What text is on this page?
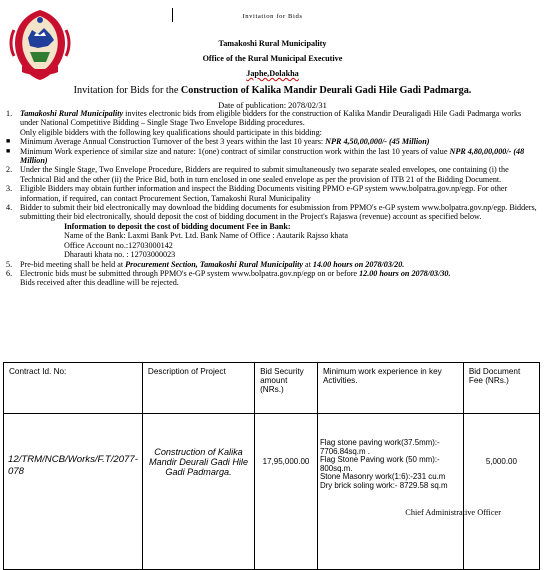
Invitation for Bids
Tamakoshi Rural Municipality
Office of the Rural Municipal Executive
Japhe,Dolakha
Invitation for Bids for the Construction of Kalika Mandir Deurali Gadi Hile Gadi Padmarga.
Date of publication: 2078/02/31
1. Tamakoshi Rural Municipality invites electronic bids from eligible bidders for the construction of Kalika Mandir Deuraligadi Hile Gadi Padmarga works under National Competitive Bidding – Single Stage Two Envelope Bidding procedures.
Only eligible bidders with the following key qualifications should participate in this bidding:
■	Minimum Average Annual Construction Turnover of the best 3 years within the last 10 years: NPR 4,50,00,000/- (45 Million)
■	Minimum Work experience of similar size and nature: 1(one) contract of similar construction work within the last 10 years of value NPR 4,80,00,000/- (48 Million)
2. Under the Single Stage, Two Envelope Procedure, Bidders are required to submit simultaneously two separate sealed envelopes, one containing (i) the Technical Bid and the other (ii) the Price Bid, both in turn enclosed in one sealed envelope as per the provision of ITB 21 of the Bidding Document.
3. Eligible Bidders may obtain further information and inspect the Bidding Documents visiting PPMO e-GP system www.bolpatra.gov.np/egp. For other information, if required, can contact Procurement Section, Tamakoshi Rural Municipality
4. Bidder to submit their bid electronically may download the bidding documents for esubmission from PPMO's e-GP system www.bolpatra.gov.np/egp. Bidders, submitting their bid electronically, should deposit the cost of bidding document in the Project's Rajaswa (revenue) account as specified below.
Information to deposit the cost of bidding document Fee in Bank:
Name of the Bank: Laxmi Bank Pvt. Ltd. Bank Name of Office : Aautarik Rajsso khata
Office Account no.:12703000142
Dharauti khata no. : 12703000023
5. Pre-bid meeting shall be held at Procurement Section, Tamakoshi Rural Municipality at 14.00 hours on 2078/03/20.
6. Electronic bids must be submitted through PPMO's e-GP system www.bolpatra.gov.np/egp on or before 12.00 hours on 2078/03/30.
Bids received after this deadline will be rejected.
Contract Id. No:	Description of Project	Bid Security amount (NRs.)	Minimum work experience in key Activities.	Bid Document Fee (NRs.)
12/TRM/NCB/Works/F.T/2077-078	Construction of Kalika Mandir Deurali Gadi Hile Gadi Padmarga.	17,95,000.00	Flag stone paving work(37.5mm):- 7706.84sq.m .
Flag Stone Paving work (50 mm):- 800sq.m.
Stone Masonry work(1:6):-231 cu.m
Dry brick soling work:- 8729.58 sq.m	5,000.00
Chief Administrative Officer
